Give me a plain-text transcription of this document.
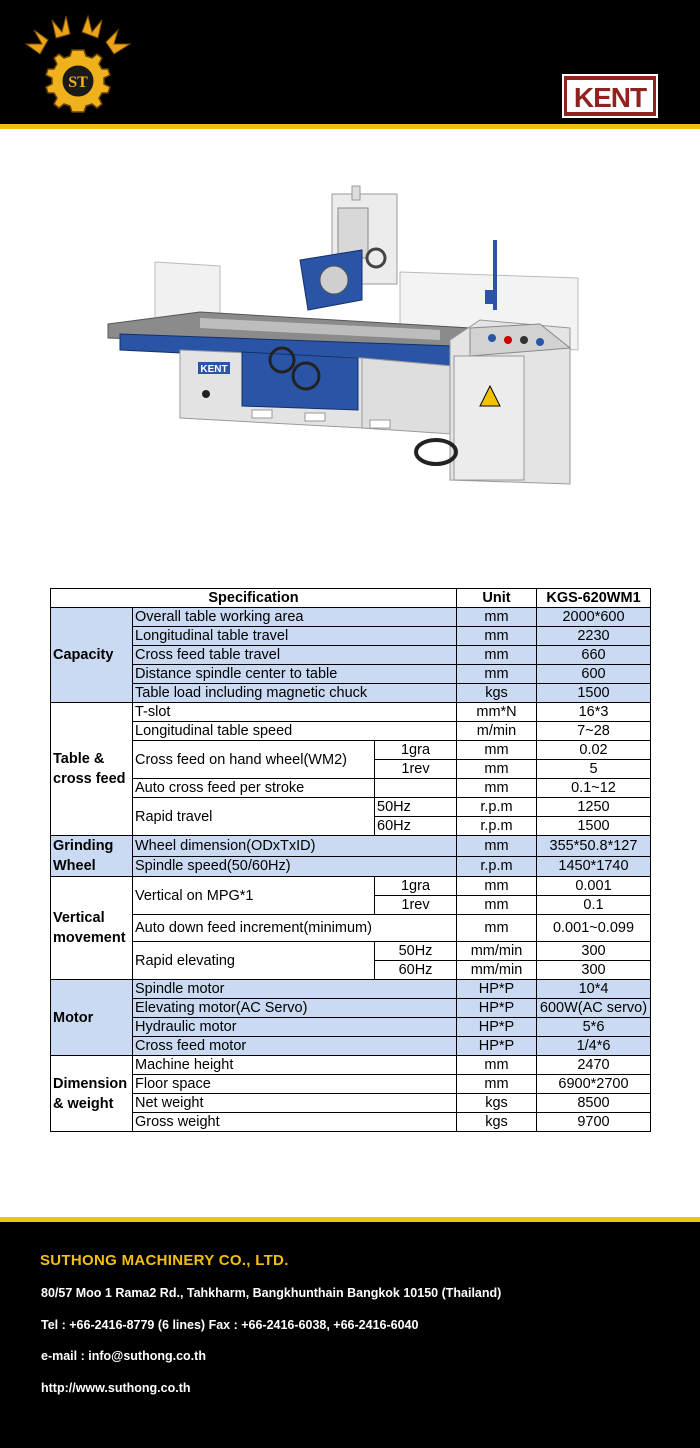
ST	KENT
KENT
Specification			Unit	KGS-620WM1
Capacity	Overall table working area		mm	2000*600
	Longitudinal table travel		mm	2230
	Cross feed table travel		mm	660
	Distance spindle center to table		mm	600
	Table load including magnetic chuck		kgs	1500
Table & cross feed	T-slot		mm*N	16*3
	Longitudinal table speed		m/min	7~28
	Cross feed on hand wheel(WM2)	1gra	mm	0.02
		1rev	mm	5
	Auto cross feed per stroke		mm	0.1~12
	Rapid travel	50Hz	r.p.m	1250
		60Hz	r.p.m	1500
Grinding Wheel	Wheel dimension(ODxTxID)		mm	355*50.8*127
	Spindle speed(50/60Hz)		r.p.m	1450*1740
Vertical movement	Vertical on MPG*1	1gra	mm	0.001
		1rev	mm	0.1
	Auto down feed increment(minimum)		mm	0.001~0.099
	Rapid elevating	50Hz	mm/min	300
		60Hz	mm/min	300
Motor	Spindle motor		HP*P	10*4
	Elevating motor(AC Servo)		HP*P	600W(AC servo)
	Hydraulic motor		HP*P	5*6
	Cross feed motor		HP*P	1/4*6
Dimension & weight	Machine height		mm	2470
	Floor space		mm	6900*2700
	Net weight		kgs	8500
	Gross weight		kgs	9700
SUTHONG MACHINERY CO., LTD.
80/57 Moo 1 Rama2 Rd., Tahkharm, Bangkhunthain Bangkok 10150 (Thailand)
Tel : +66-2416-8779 (6 lines) Fax : +66-2416-6038, +66-2416-6040
e-mail : info@suthong.co.th
http://www.suthong.co.th
